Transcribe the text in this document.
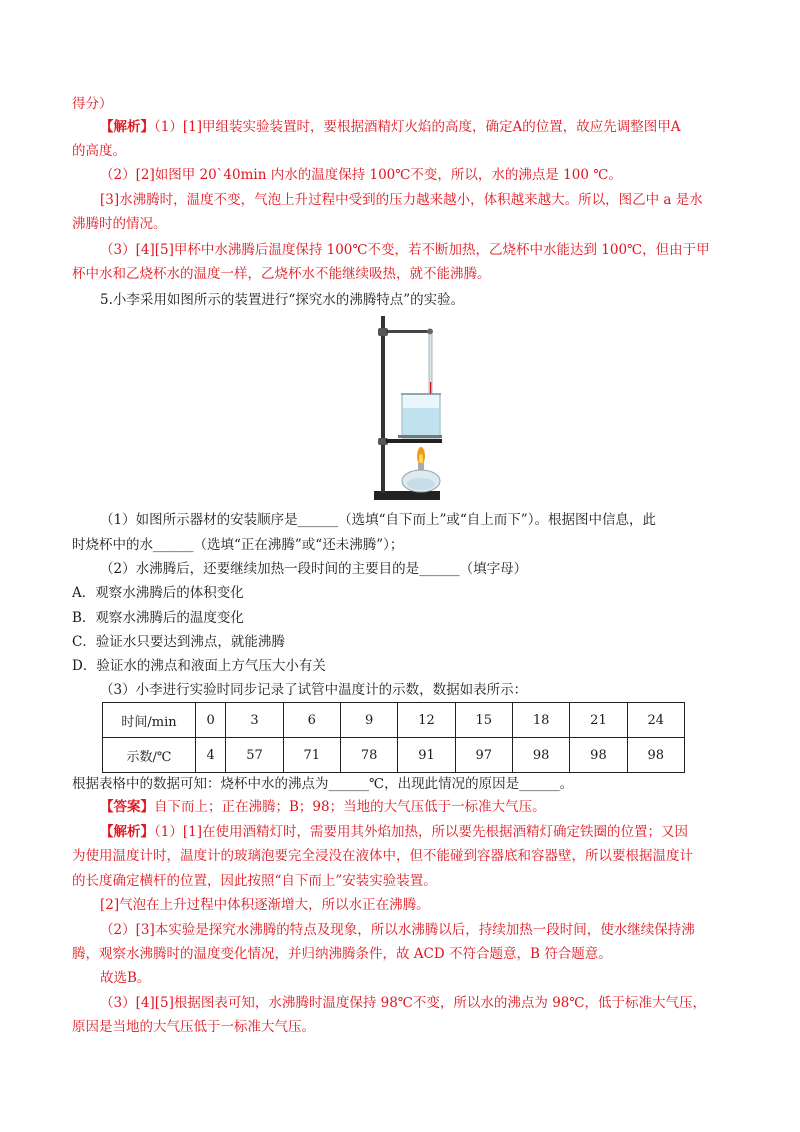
得分）
【解析】（1）[1]甲组装实验装置时，要根据酒精灯火焰的高度，确定A的位置，故应先调整图甲A
的高度。
（2）[2]如图甲 20`40min 内水的温度保持 100℃不变，所以，水的沸点是 100 ℃。
[3]水沸腾时，温度不变，气泡上升过程中受到的压力越来越小，体积越来越大。所以，图乙中 a 是水
沸腾时的情况。
（3）[4][5]甲杯中水沸腾后温度保持 100℃不变，若不断加热，乙烧杯中水能达到 100℃，但由于甲
杯中水和乙烧杯水的温度一样，乙烧杯水不能继续吸热，就不能沸腾。
5.小李采用如图所示的装置进行“探究水的沸腾特点”的实验。
（1）如图所示器材的安装顺序是______（选填“自下而上”或“自上而下”）。根据图中信息，此
时烧杯中的水______（选填“正在沸腾”或“还未沸腾”）；
（2）水沸腾后，还要继续加热一段时间的主要目的是______（填字母）
A．观察水沸腾后的体积变化
B．观察水沸腾后的温度变化
C．验证水只要达到沸点，就能沸腾
D．验证水的沸点和液面上方气压大小有关
（3）小李进行实验时同步记录了试管中温度计的示数，数据如表所示：
时间/min	0	3	6	9	12	15	18	21	24
示数/℃	4	57	71	78	91	97	98	98	98
根据表格中的数据可知：烧杯中水的沸点为______℃，出现此情况的原因是______。
【答案】自下而上；正在沸腾；B；98；当地的大气压低于一标准大气压。
【解析】（1）[1]在使用酒精灯时，需要用其外焰加热，所以要先根据酒精灯确定铁圈的位置；又因
为使用温度计时，温度计的玻璃泡要完全浸没在液体中，但不能碰到容器底和容器壁，所以要根据温度计
的长度确定横杆的位置，因此按照“自下而上”安装实验装置。
[2]气泡在上升过程中体积逐渐增大，所以水正在沸腾。
（2）[3]本实验是探究水沸腾的特点及现象，所以水沸腾以后，持续加热一段时间，使水继续保持沸
腾，观察水沸腾时的温度变化情况，并归纳沸腾条件，故 ACD 不符合题意，B 符合题意。
故选B。
（3）[4][5]根据图表可知，水沸腾时温度保持 98℃不变，所以水的沸点为 98℃，低于标准大气压，
原因是当地的大气压低于一标准大气压。
